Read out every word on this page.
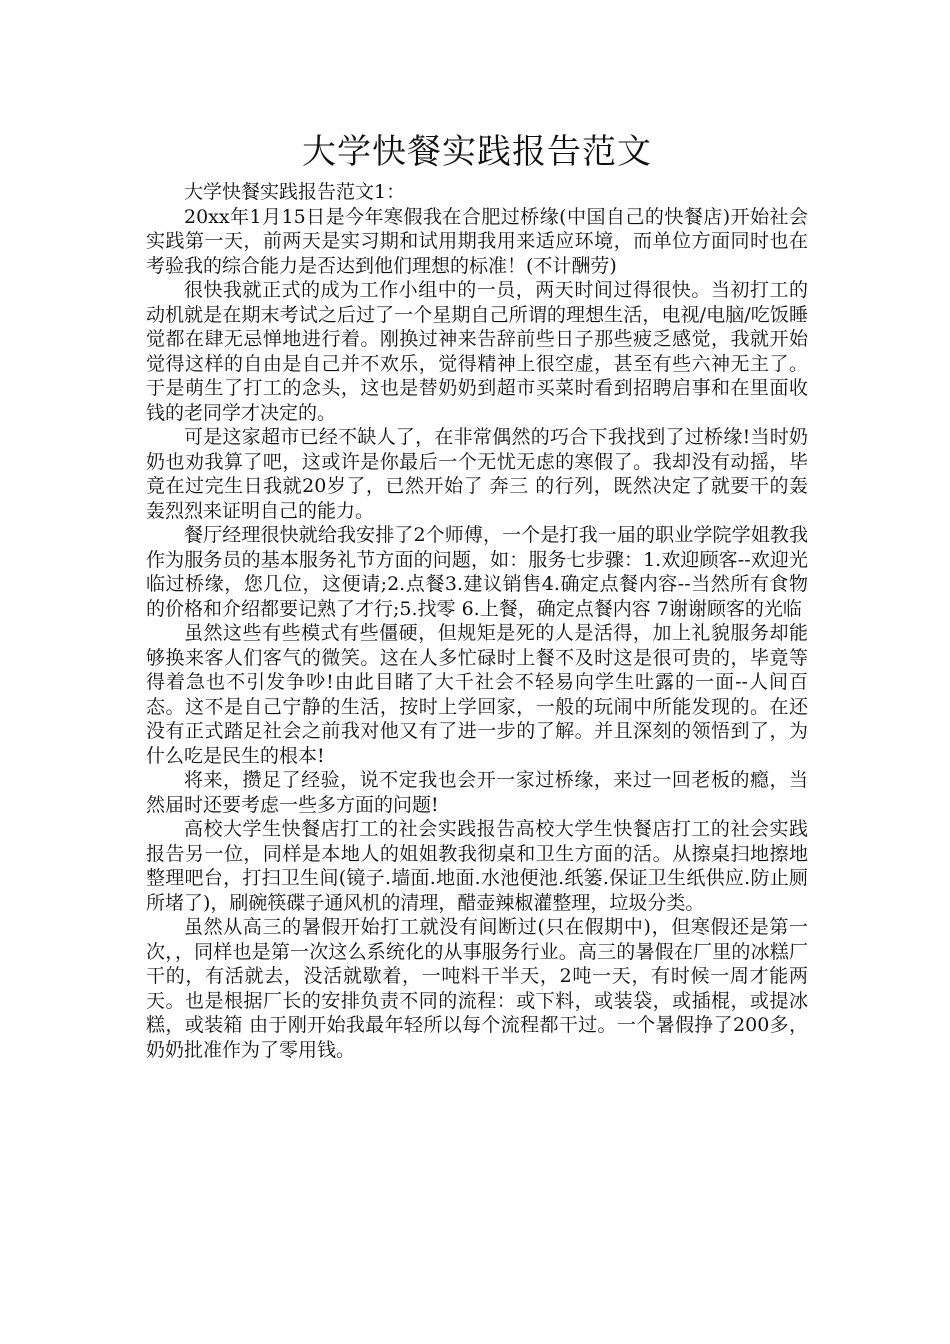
大学快餐实践报告范文

大学快餐实践报告范文1：

20xx年1月15日是今年寒假我在合肥过桥缘(中国自己的快餐店)开始社会实践第一天，前两天是实习期和试用期我用来适应环境，而单位方面同时也在考验我的综合能力是否达到他们理想的标准！(不计酬劳)

很快我就正式的成为工作小组中的一员，两天时间过得很快。当初打工的动机就是在期末考试之后过了一个星期自己所谓的理想生活，电视/电脑/吃饭睡觉都在肆无忌惮地进行着。刚换过神来告辞前些日子那些疲乏感觉，我就开始觉得这样的自由是自己并不欢乐，觉得精神上很空虚，甚至有些六神无主了。于是萌生了打工的念头，这也是替奶奶到超市买菜时看到招聘启事和在里面收钱的老同学才决定的。

可是这家超市已经不缺人了，在非常偶然的巧合下我找到了过桥缘!当时奶奶也劝我算了吧，这或许是你最后一个无忧无虑的寒假了。我却没有动摇，毕竟在过完生日我就20岁了，已然开始了 奔三 的行列，既然决定了就要干的轰轰烈烈来证明自己的能力。

餐厅经理很快就给我安排了2个师傅，一个是打我一届的职业学院学姐教我作为服务员的基本服务礼节方面的问题，如：服务七步骤：1.欢迎顾客--欢迎光临过桥缘，您几位，这便请;2.点餐3.建议销售4.确定点餐内容--当然所有食物的价格和介绍都要记熟了才行;5.找零 6.上餐，确定点餐内容 7谢谢顾客的光临

虽然这些有些模式有些僵硬，但规矩是死的人是活得，加上礼貌服务却能够换来客人们客气的微笑。这在人多忙碌时上餐不及时这是很可贵的，毕竟等得着急也不引发争吵!由此目睹了大千社会不轻易向学生吐露的一面--人间百态。这不是自己宁静的生活，按时上学回家，一般的玩闹中所能发现的。在还没有正式踏足社会之前我对他又有了进一步的了解。并且深刻的领悟到了，为什么吃是民生的根本!

将来，攒足了经验，说不定我也会开一家过桥缘，来过一回老板的瘾，当然届时还要考虑一些多方面的问题!

高校大学生快餐店打工的社会实践报告高校大学生快餐店打工的社会实践报告另一位，同样是本地人的姐姐教我彻桌和卫生方面的活。从擦桌扫地擦地整理吧台，打扫卫生间(镜子.墙面.地面.水池便池.纸篓.保证卫生纸供应.防止厕所堵了)，刷碗筷碟子通风机的清理，醋壶辣椒灌整理，垃圾分类。

虽然从高三的暑假开始打工就没有间断过(只在假期中)，但寒假还是第一次，，同样也是第一次这么系统化的从事服务行业。高三的暑假在厂里的冰糕厂干的，有活就去，没活就歇着，一吨料干半天，2吨一天，有时候一周才能两天。也是根据厂长的安排负责不同的流程：或下料，或装袋，或插棍，或提冰糕，或装箱 由于刚开始我最年轻所以每个流程都干过。一个暑假挣了200多，奶奶批准作为了零用钱。
